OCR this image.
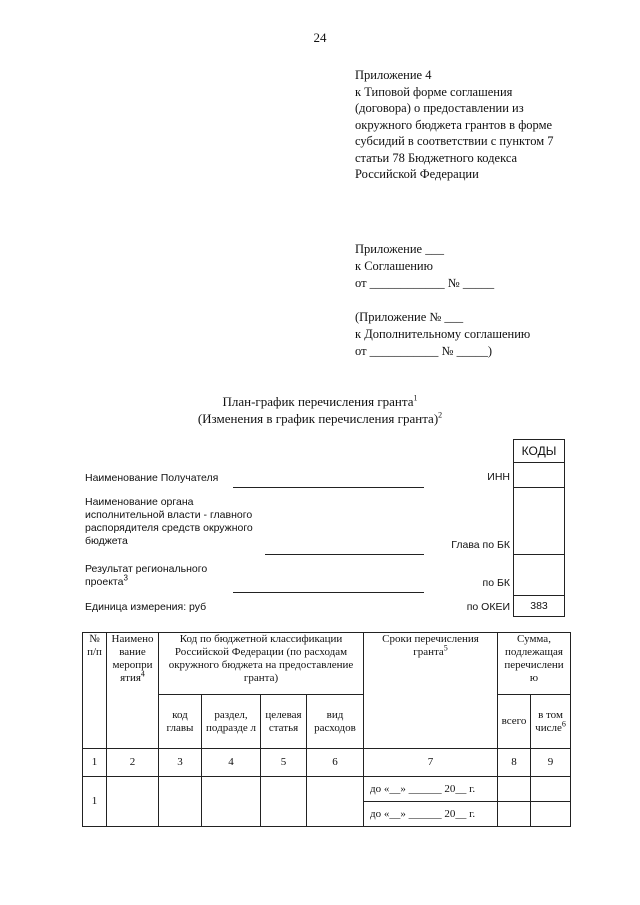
24
Приложение 4
к Типовой форме соглашения
(договора) о предоставлении из
окружного бюджета грантов в форме
субсидий в соответствии с пунктом 7
статьи 78 Бюджетного кодекса
Российской Федерации
Приложение ___
к Соглашению
от ____________ № _____
(Приложение № ___
к Дополнительному соглашению
от ___________ № _____)
План-график перечисления гранта$^1$
(Изменения в график перечисления гранта)$^2$
Наименование Получателя	ИНН
Наименование органа
исполнительной власти - главного
распорядителя средств окружного
бюджета	Глава по БК
Результат регионального
проекта$^3$	по БК
Единица измерения: руб	по ОКЕИ
КОДЫ

383
№ п/п	Наимено вание меропри ятия$^4$	Код по бюджетной классификации Российской Федерации (по расходам окружного бюджета на предоставление гранта)				Сроки перечисления гранта$^5$	Сумма, подлежащая перечислени ю	
		код главы	раздел, подразде л	целевая статья	вид расходов		всего	в том числе$^6$
1	2	3	4	5	6	7	8	9
1						до «__» ______ 20__ г.		
						до «__» ______ 20__ г.		
